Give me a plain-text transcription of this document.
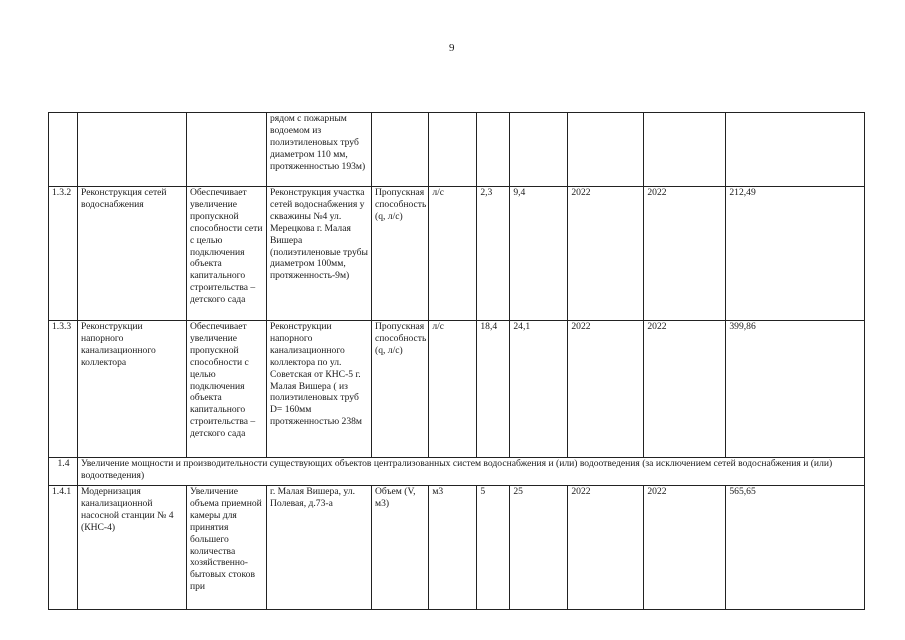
9
			рядом с пожарным водоемом из полиэтиленовых труб диаметром 110 мм, протяженностью 193м)							
1.3.2	Реконструкция сетей водоснабжения	Обеспечивает увеличение пропускной способности сети с целью подключения объекта капитального строительства – детского сада	Реконструкция участка сетей водоснабжения у скважины №4 ул. Мерецкова г. Малая Вишера (полиэтиленовые трубы диаметром 100мм, протяженность-9м)	Пропускная способность (q, л/с)	л/с	2,3	9,4	2022	2022	212,49
1.3.3	Реконструкции напорного канализационного коллектора	Обеспечивает увеличение пропускной способности с целью подключения объекта капитального строительства – детского сада	Реконструкции напорного канализационного коллектора по ул. Советская от КНС-5 г. Малая Вишера ( из полиэтиленовых труб D= 160мм протяженностью 238м	Пропускная способность (q, л/с)	л/с	18,4	24,1	2022	2022	399,86
1.4	Увеличение мощности и производительности существующих объектов централизованных систем водоснабжения и (или) водоотведения (за исключением сетей водоснабжения и (или) водоотведения)									
1.4.1	Модернизация канализационной насосной станции № 4 (КНС-4)	Увеличение объема приемной камеры для принятия большего количества хозяйственно-бытовых стоков при	г. Малая Вишера, ул. Полевая, д.73-а	Объем (V, м3)	м3	5	25	2022	2022	565,65
